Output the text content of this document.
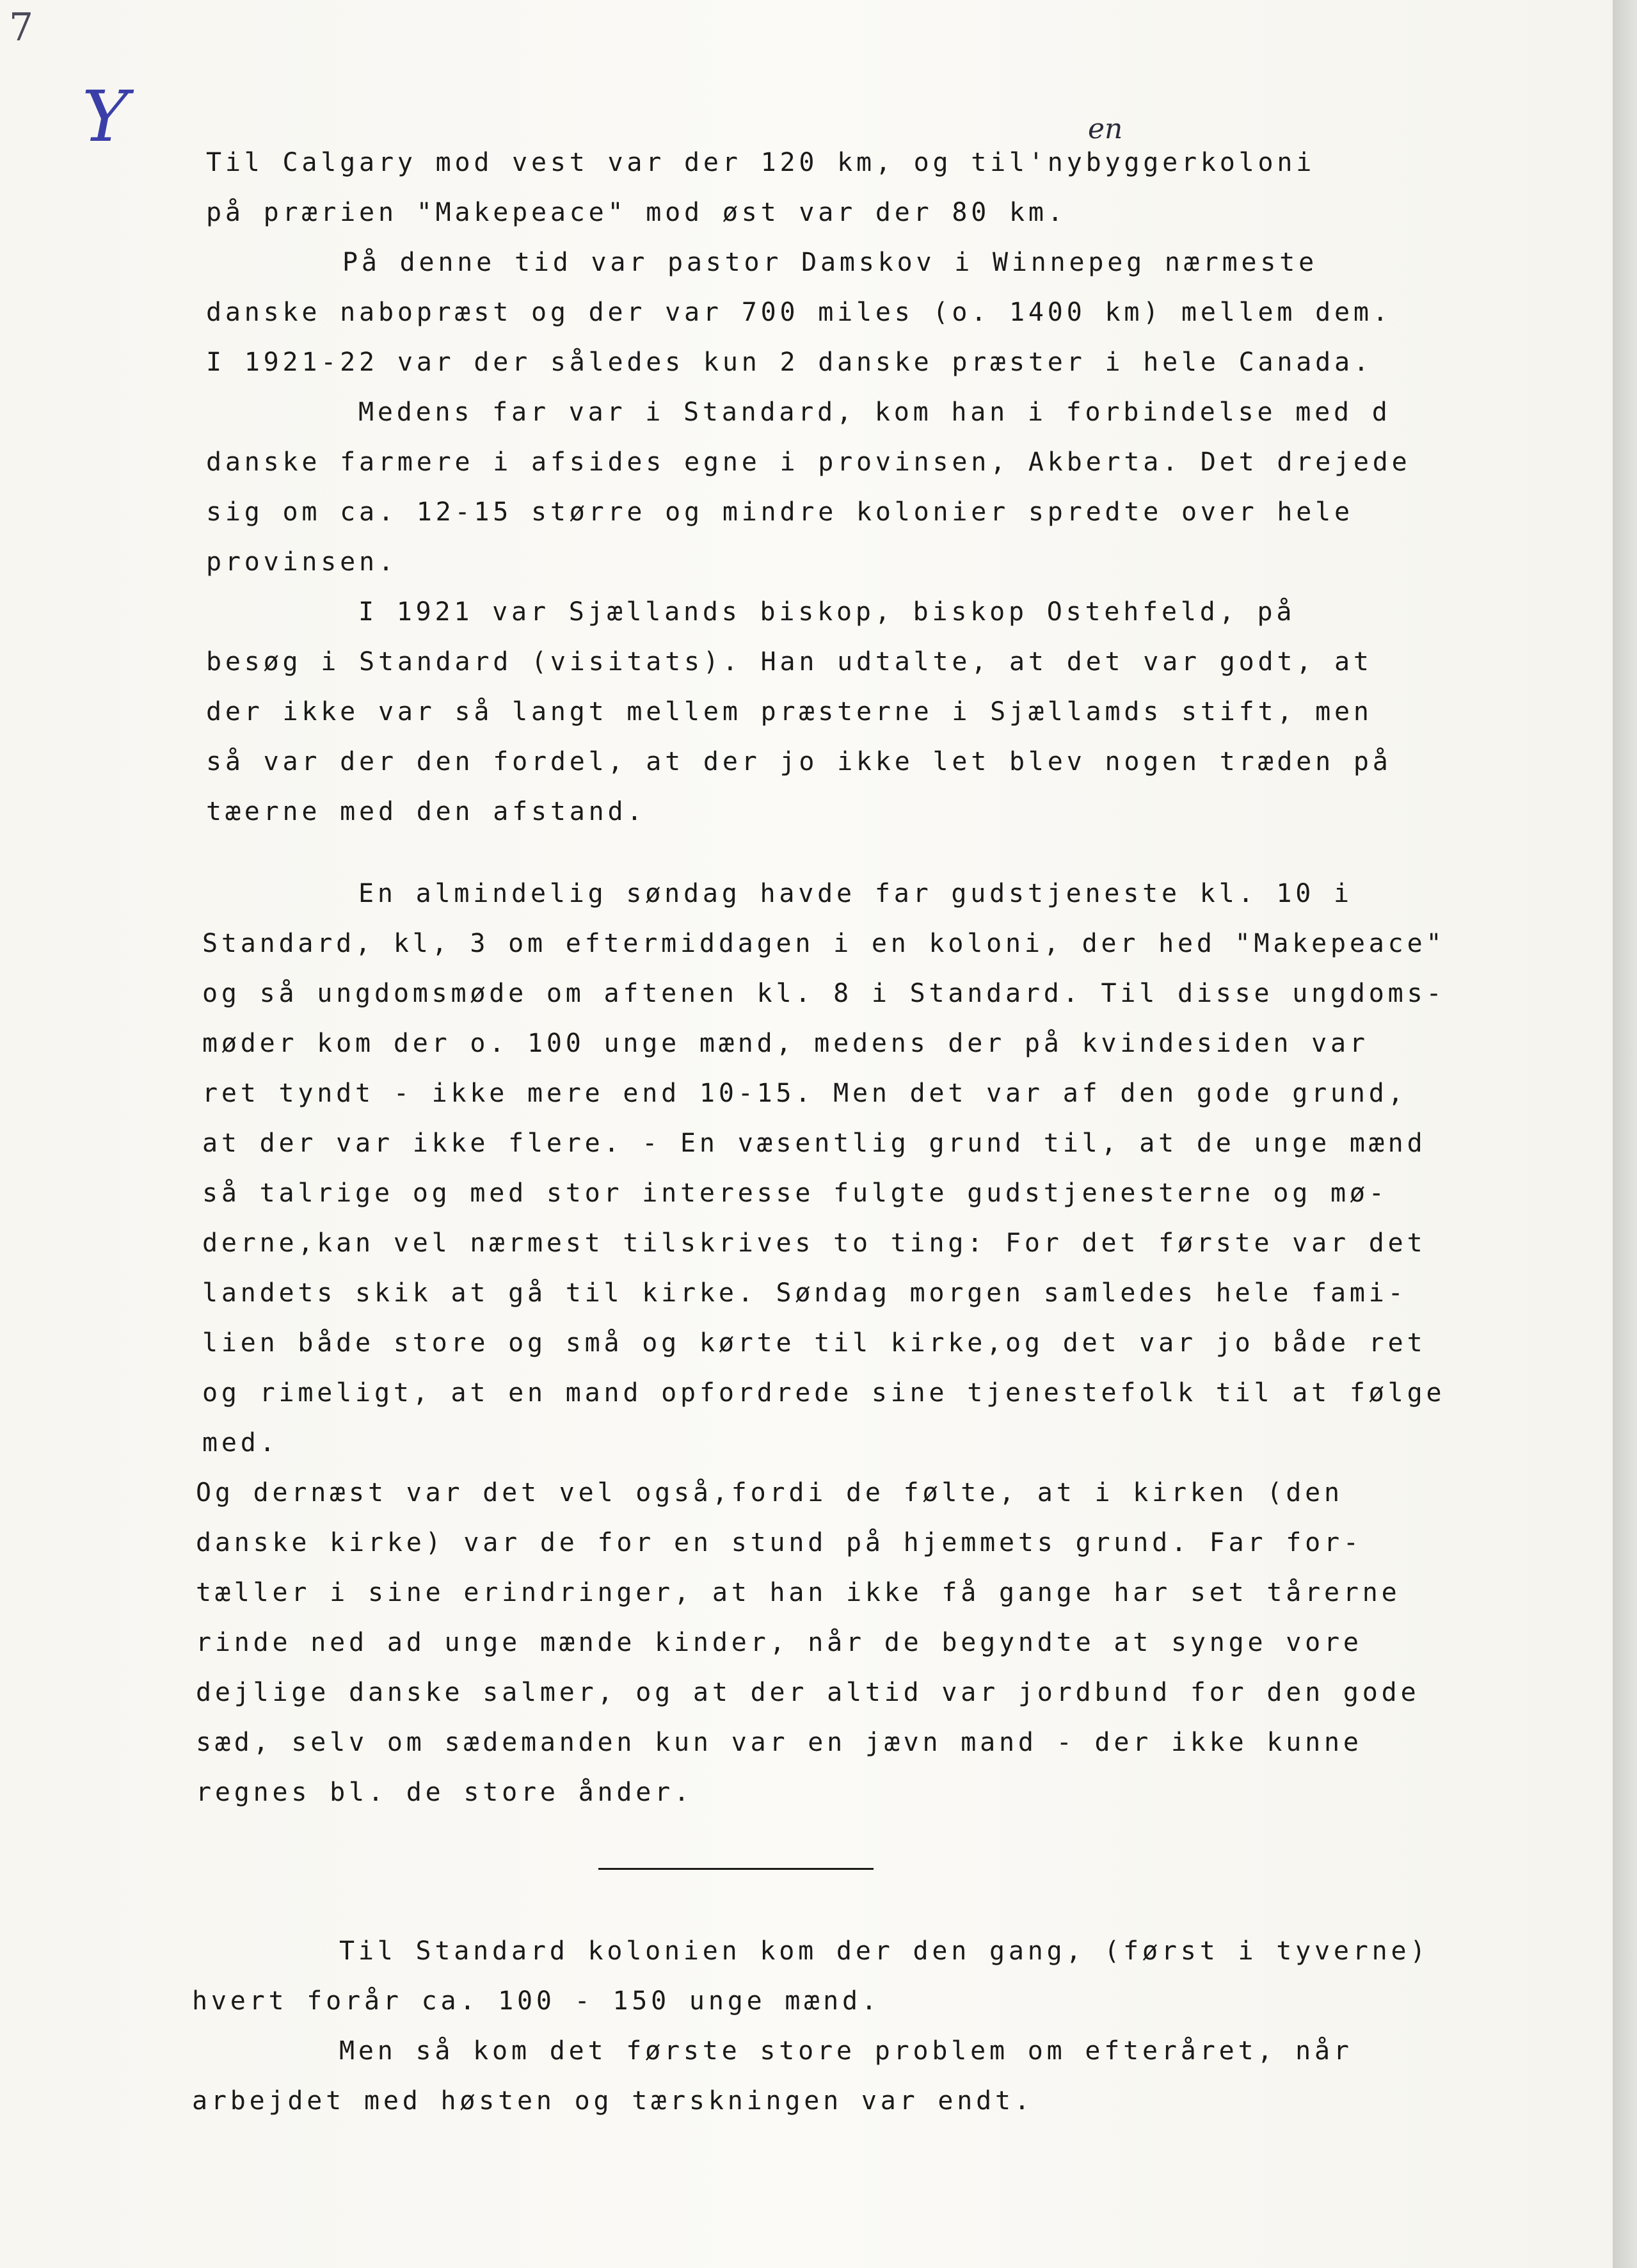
7
Y	en
Til Calgary mod vest var der 120 km, og til'nybyggerkoloni
på prærien "Makepeace" mod øst var der 80 km.
På denne tid var pastor Damskov i Winnepeg nærmeste
danske nabopræst og der var 700 miles (o. 1400 km) mellem dem.
I 1921-22 var der således kun 2 danske præster i hele Canada.
Medens far var i Standard, kom han i forbindelse med d
danske farmere i afsides egne i provinsen, Akberta. Det drejede
sig om ca. 12-15 større og mindre kolonier spredte over hele
provinsen.
I 1921 var Sjællands biskop, biskop Ostehfeld, på
besøg i Standard (visitats). Han udtalte, at det var godt, at
der ikke var så langt mellem præsterne i Sjællamds stift, men
så var der den fordel, at der jo ikke let blev nogen træden på
tæerne med den afstand.
En almindelig søndag havde far gudstjeneste kl. 10 i
Standard, kl, 3 om eftermiddagen i en koloni, der hed "Makepeace"
og så ungdomsmøde om aftenen kl. 8 i Standard. Til disse ungdoms-
møder kom der o. 100 unge mænd, medens der på kvindesiden var
ret tyndt - ikke mere end 10-15. Men det var af den gode grund,
at der var ikke flere. - En væsentlig grund til, at de unge mænd
så talrige og med stor interesse fulgte gudstjenesterne og mø-
derne,kan vel nærmest tilskrives to ting: For det første var det
landets skik at gå til kirke. Søndag morgen samledes hele fami-
lien både store og små og kørte til kirke,og det var jo både ret
og rimeligt, at en mand opfordrede sine tjenestefolk til at følge
med.
Og dernæst var det vel også,fordi de følte, at i kirken (den
danske kirke) var de for en stund på hjemmets grund. Far for-
tæller i sine erindringer, at han ikke få gange har set tårerne
rinde ned ad unge mænde kinder, når de begyndte at synge vore
dejlige danske salmer, og at der altid var jordbund for den gode
sæd, selv om sædemanden kun var en jævn mand - der ikke kunne
regnes bl. de store ånder.
Til Standard kolonien kom der den gang, (først i tyverne)
hvert forår ca. 100 - 150 unge mænd.
Men så kom det første store problem om efteråret, når
arbejdet med høsten og tærskningen var endt.
